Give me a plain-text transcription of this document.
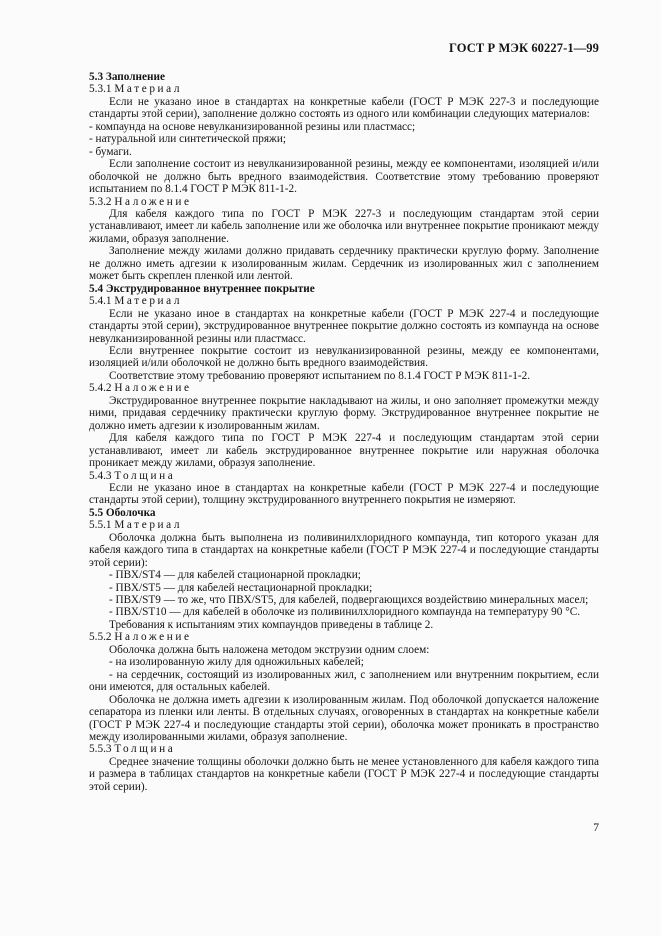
ГОСТ Р МЭК 60227-1—99

5.3 Заполнение

5.3.1 Материал

Если не указано иное в стандартах на конкретные кабели (ГОСТ Р МЭК 227-3 и последующие стандарты этой серии), заполнение должно состоять из одного или комбинации следующих материалов:

- компаунда на основе невулканизированной резины или пластмасс;

- натуральной или синтетической пряжи;

- бумаги.

Если заполнение состоит из невулканизированной резины, между ее компонентами, изоляцией и/или оболочкой не должно быть вредного взаимодействия. Соответствие этому требованию проверяют испытанием по 8.1.4 ГОСТ Р МЭК 811-1-2.

5.3.2 Наложение

Для кабеля каждого типа по ГОСТ Р МЭК 227-3 и последующим стандартам этой серии устанавливают, имеет ли кабель заполнение или же оболочка или внутреннее покрытие проникают между жилами, образуя заполнение.

Заполнение между жилами должно придавать сердечнику практически круглую форму. Заполнение не должно иметь адгезии к изолированным жилам. Сердечник из изолированных жил с заполнением может быть скреплен пленкой или лентой.

5.4 Экструдированное внутреннее покрытие

5.4.1 Материал

Если не указано иное в стандартах на конкретные кабели (ГОСТ Р МЭК 227-4 и последующие стандарты этой серии), экструдированное внутреннее покрытие должно состоять из компаунда на основе невулканизированной резины или пластмасс.

Если внутреннее покрытие состоит из невулканизированной резины, между ее компонентами, изоляцией и/или оболочкой не должно быть вредного взаимодействия.

Соответствие этому требованию проверяют испытанием по 8.1.4 ГОСТ Р МЭК 811-1-2.

5.4.2 Наложение

Экструдированное внутреннее покрытие накладывают на жилы, и оно заполняет промежутки между ними, придавая сердечнику практически круглую форму. Экструдированное внутреннее покрытие не должно иметь адгезии к изолированным жилам.

Для кабеля каждого типа по ГОСТ Р МЭК 227-4 и последующим стандартам этой серии устанавливают, имеет ли кабель экструдированное внутреннее покрытие или наружная оболочка проникает между жилами, образуя заполнение.

5.4.3 Толщина

Если не указано иное в стандартах на конкретные кабели (ГОСТ Р МЭК 227-4 и последующие стандарты этой серии), толщину экструдированного внутреннего покрытия не измеряют.

5.5 Оболочка

5.5.1 Материал

Оболочка должна быть выполнена из поливинилхлоридного компаунда, тип которого указан для кабеля каждого типа в стандартах на конкретные кабели (ГОСТ Р МЭК 227-4 и последующие стандарты этой серии):

- ПВХ/ST4 — для кабелей стационарной прокладки;

- ПВХ/ST5 — для кабелей нестационарной прокладки;

- ПВХ/ST9 — то же, что ПВХ/ST5, для кабелей, подвергающихся воздействию минеральных масел;

- ПВХ/ST10 — для кабелей в оболочке из поливинилхлоридного компаунда на температуру 90 °С.

Требования к испытаниям этих компаундов приведены в таблице 2.

5.5.2 Наложение

Оболочка должна быть наложена методом экструзии одним слоем:

- на изолированную жилу для одножильных кабелей;

- на сердечник, состоящий из изолированных жил, с заполнением или внутренним покрытием, если они имеются, для остальных кабелей.

Оболочка не должна иметь адгезии к изолированным жилам. Под оболочкой допускается наложение сепаратора из пленки или ленты. В отдельных случаях, оговоренных в стандартах на конкретные кабели (ГОСТ Р МЭК 227-4 и последующие стандарты этой серии), оболочка может проникать в пространство между изолированными жилами, образуя заполнение.

5.5.3 Толщина

Среднее значение толщины оболочки должно быть не менее установленного для кабеля каждого типа и размера в таблицах стандартов на конкретные кабели (ГОСТ Р МЭК 227-4 и последующие стандарты этой серии).

7
